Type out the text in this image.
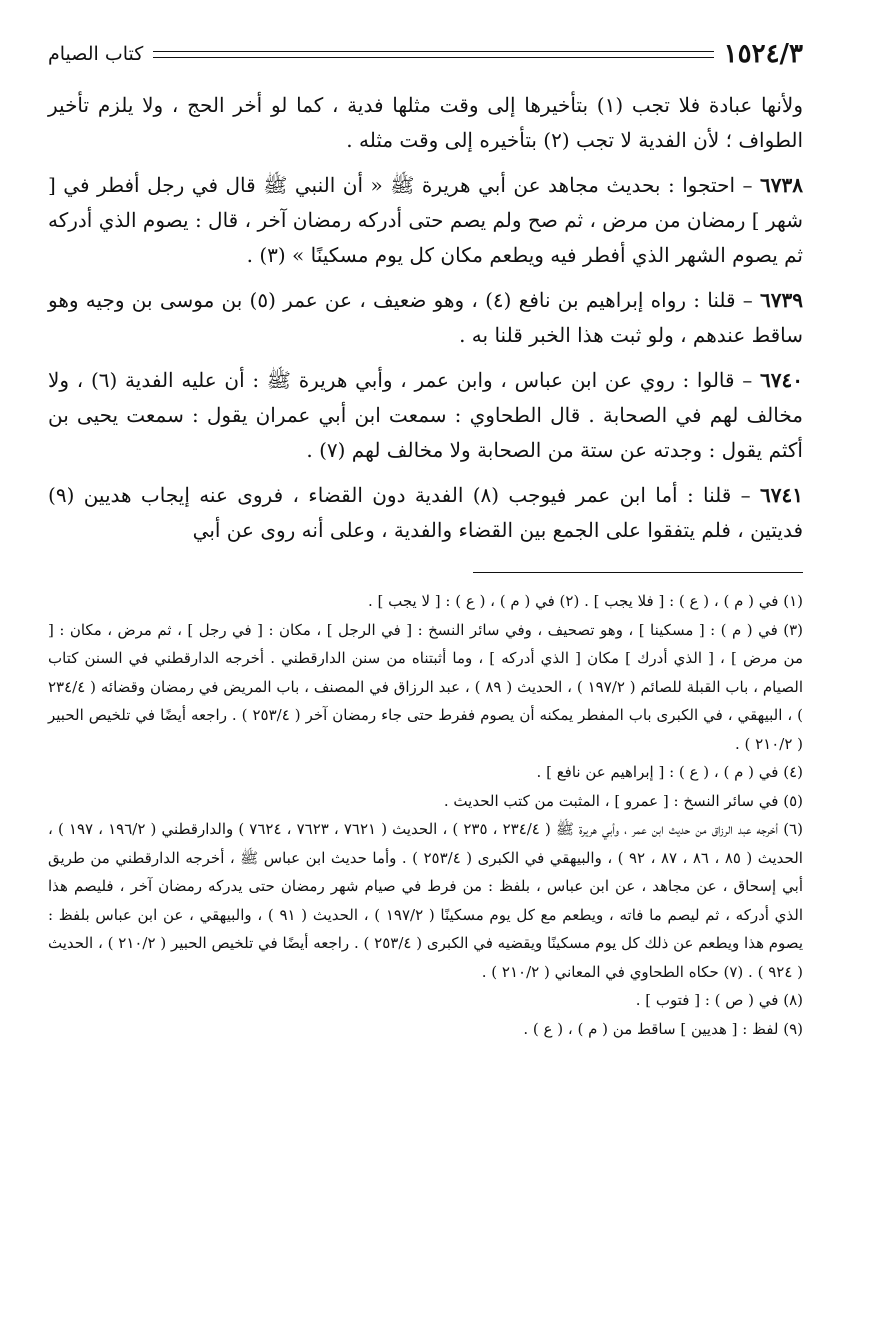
١٥٢٤/٣
كتاب الصيام

ولأنها عبادة فلا تجب (١) بتأخيرها إلى وقت مثلها فدية ، كما لو أخر الحج ، ولا يلزم تأخير الطواف ؛ لأن الفدية لا تجب (٢) بتأخيره إلى وقت مثله .

٦٧٣٨ – احتجوا : بحديث مجاهد عن أبي هريرة ﷺ « أن النبي ﷺ قال في رجل أفطر في [ شهر ] رمضان من مرض ، ثم صح ولم يصم حتى أدركه رمضان آخر ، قال : يصوم الذي أدركه ثم يصوم الشهر الذي أفطر فيه ويطعم مكان كل يوم مسكينًا » (٣) .

٦٧٣٩ – قلنا : رواه إبراهيم بن نافع (٤) ، وهو ضعيف ، عن عمر (٥) بن موسى بن وجيه وهو ساقط عندهم ، ولو ثبت هذا الخبر قلنا به .

٦٧٤٠ – قالوا : روي عن ابن عباس ، وابن عمر ، وأبي هريرة ﷺ : أن عليه الفدية (٦) ، ولا مخالف لهم في الصحابة . قال الطحاوي : سمعت ابن أبي عمران يقول : سمعت يحيى بن أكثم يقول : وجدته عن ستة من الصحابة ولا مخالف لهم (٧) .

٦٧٤١ – قلنا : أما ابن عمر فيوجب (٨) الفدية دون القضاء ، فروى عنه إيجاب هديين (٩) فديتين ، فلم يتفقوا على الجمع بين القضاء والفدية ، وعلى أنه روى عن أبي

(١) في ( م ) ، ( ع ) : [ فلا يجب ] . (٢) في ( م ) ، ( ع ) : [ لا يجب ] .

(٣) في ( م ) : [ مسكينا ] ، وهو تصحيف ، وفي سائر النسخ : [ في الرجل ] ، مكان : [ في رجل ] ، ثم مرض ، مكان : [ من مرض ] ، [ الذي أدرك ] مكان [ الذي أدركه ] ، وما أثبتناه من سنن الدارقطني . أخرجه الدارقطني في السنن كتاب الصيام ، باب القبلة للصائم ( ١٩٧/٢ ) ، الحديث ( ٨٩ ) ، عبد الرزاق في المصنف ، باب المريض في رمضان وقضائه ( ٢٣٤/٤ ) ، البيهقي ، في الكبرى باب المفطر يمكنه أن يصوم ففرط حتى جاء رمضان آخر ( ٢٥٣/٤ ) . راجعه أيضًا في تلخيص الحبير ( ٢١٠/٢ ) .

(٤) في ( م ) ، ( ع ) : [ إبراهيم عن نافع ] .

(٥) في سائر النسخ : [ عمرو ] ، المثبت من كتب الحديث .

(٦) أخرجه عبد الرزاق من حديث ابن عمر ، وأبي هريرة ﷺ ( ٢٣٤/٤ ، ٢٣٥ ) ، الحديث ( ٧٦٢١ ، ٧٦٢٣ ، ٧٦٢٤ ) والدارقطني ( ١٩٦/٢ ، ١٩٧ ) ، الحديث ( ٨٥ ، ٨٦ ، ٨٧ ، ٩٢ ) ، والبيهقي في الكبرى ( ٢٥٣/٤ ) . وأما حديث ابن عباس ﷺ ، أخرجه الدارقطني من طريق أبي إسحاق ، عن مجاهد ، عن ابن عباس ، بلفظ : من فرط في صيام شهر رمضان حتى يدركه رمضان آخر ، فليصم هذا الذي أدركه ، ثم ليصم ما فاته ، ويطعم مع كل يوم مسكينًا ( ١٩٧/٢ ) ، الحديث ( ٩١ ) ، والبيهقي ، عن ابن عباس بلفظ : يصوم هذا ويطعم عن ذلك كل يوم مسكينًا ويقضيه في الكبرى ( ٢٥٣/٤ ) . راجعه أيضًا في تلخيص الحبير ( ٢١٠/٢ ) ، الحديث ( ٩٢٤ ) . (٧) حكاه الطحاوي في المعاني ( ٢١٠/٢ ) .

(٨) في ( ص ) : [ فتوب ] .

(٩) لفظ : [ هديين ] ساقط من ( م ) ، ( ع ) .
